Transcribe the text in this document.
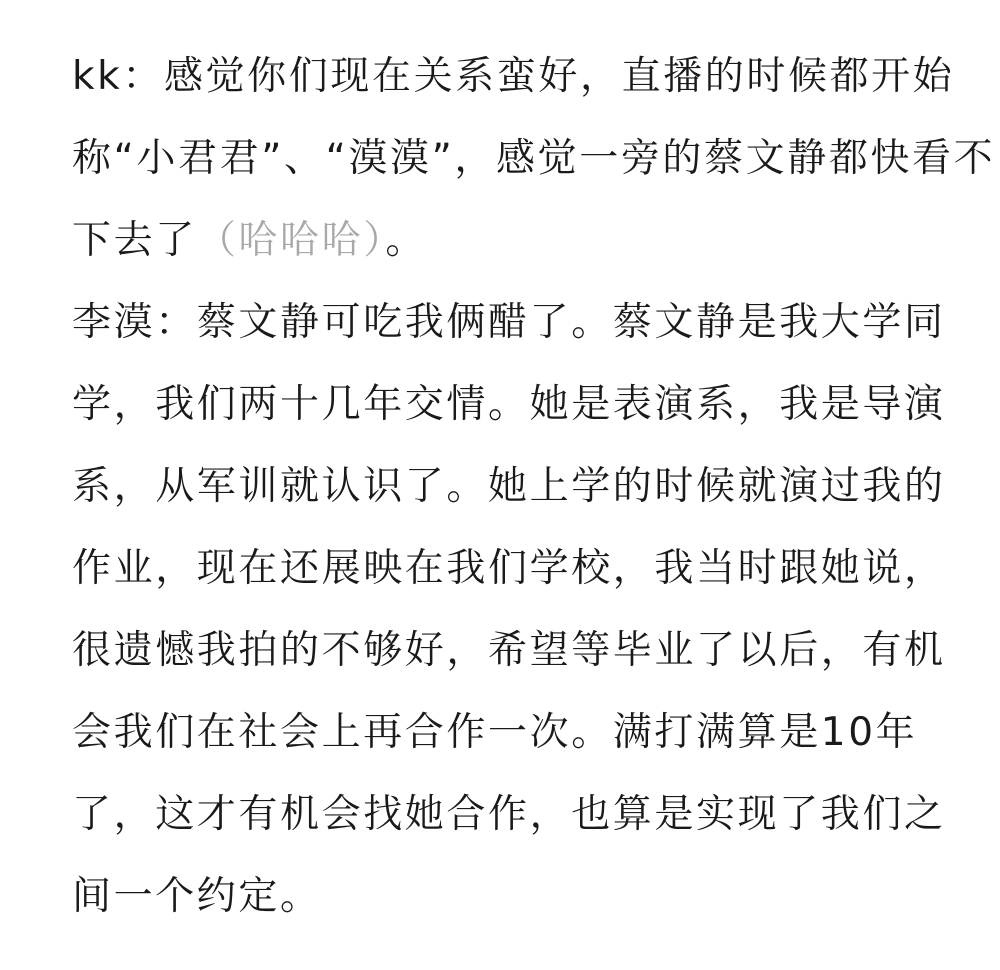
kk：感觉你们现在关系蛮好，直播的时候都开始
称“小君君”、“漠漠”，感觉一旁的蔡文静都快看不
下去了（哈哈哈）。
李漠：蔡文静可吃我俩醋了。蔡文静是我大学同
学，我们两十几年交情。她是表演系，我是导演
系，从军训就认识了。她上学的时候就演过我的
作业，现在还展映在我们学校，我当时跟她说，
很遗憾我拍的不够好，希望等毕业了以后，有机
会我们在社会上再合作一次。满打满算是10年
了，这才有机会找她合作，也算是实现了我们之
间一个约定。
